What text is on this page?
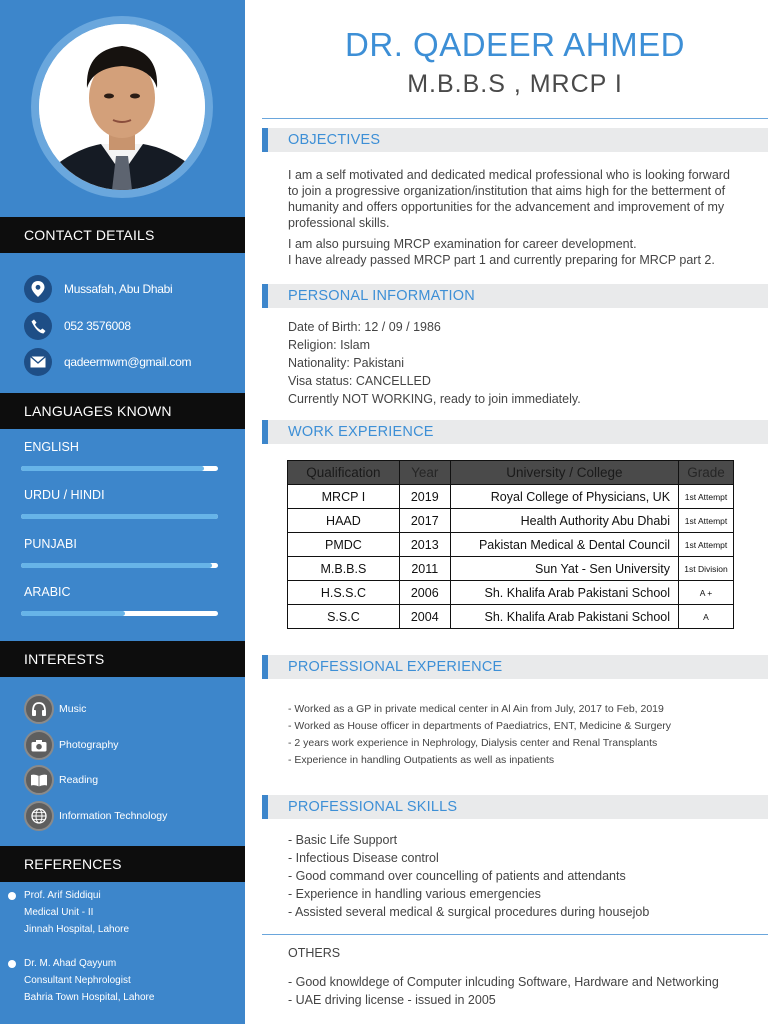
CONTACT DETAILS
Mussafah, Abu Dhabi
052 3576008
qadeermwm@gmail.com
LANGUAGES KNOWN
ENGLISH
URDU / HINDI
PUNJABI
ARABIC
INTERESTS
Music
Photography
Reading
Information Technology
REFERENCES
Prof. Arif Siddiqui
Medical Unit - II
Jinnah Hospital, Lahore
Dr. M. Ahad Qayyum
Consultant Nephrologist
Bahria Town Hospital, Lahore
DR. QADEER AHMED
M.B.B.S , MRCP I
OBJECTIVES
I am a self motivated and dedicated medical professional who is looking forward to join a progressive organization/institution that aims high for the betterment of humanity and offers opportunities for the advancement and improvement of my professional skills.
I am also pursuing MRCP examination for career development.
I have already passed MRCP part 1 and currently preparing for MRCP part 2.
PERSONAL INFORMATION
Date of Birth: 12 / 09 / 1986
Religion: Islam
Nationality: Pakistani
Visa status: CANCELLED
Currently NOT WORKING, ready to join immediately.
WORK EXPERIENCE
Qualification	Year	University / College	Grade
MRCP I	2019	Royal College of Physicians, UK	1st Attempt
HAAD	2017	Health Authority Abu Dhabi	1st Attempt
PMDC	2013	Pakistan Medical & Dental Council	1st Attempt
M.B.B.S	2011	Sun Yat - Sen University	1st Division
H.S.S.C	2006	Sh. Khalifa Arab Pakistani School	A +
S.S.C	2004	Sh. Khalifa Arab Pakistani School	A
PROFESSIONAL EXPERIENCE
- Worked as a GP in private medical center in Al Ain from July, 2017 to Feb, 2019
- Worked as House officer in departments of Paediatrics, ENT, Medicine & Surgery
- 2 years work experience in Nephrology, Dialysis center and Renal Transplants
- Experience in handling Outpatients as well as inpatients
PROFESSIONAL SKILLS
- Basic Life Support
- Infectious Disease control
- Good command over councelling of patients and attendants
- Experience in handling various emergencies
- Assisted several medical & surgical procedures during housejob
OTHERS
- Good knowldege of Computer inlcuding Software, Hardware and Networking
- UAE driving license - issued in 2005
